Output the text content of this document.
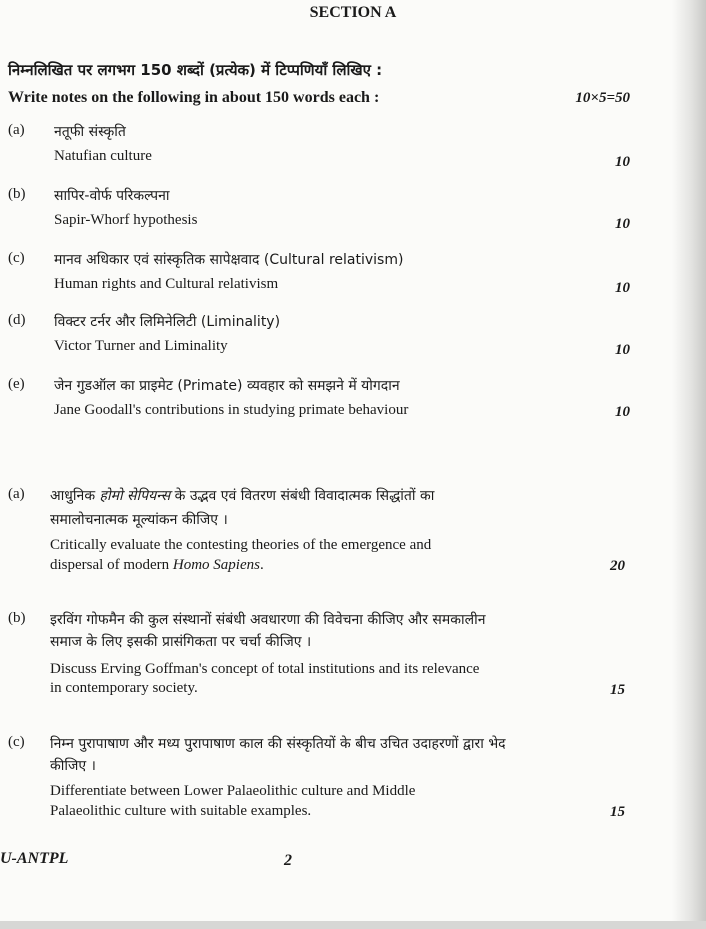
SECTION A
निम्नलिखित पर लगभग 150 शब्दों (प्रत्येक) में टिप्पणियाँ लिखिए :
Write notes on the following in about 150 words each :	10×5=50
(a) नतूफी संस्कृति
Natufian culture	10
(b) सापिर-वोर्फ परिकल्पना
Sapir-Whorf hypothesis	10
(c) मानव अधिकार एवं सांस्कृतिक सापेक्षवाद (Cultural relativism)
Human rights and Cultural relativism	10
(d) विक्टर टर्नर और लिमिनेलिटी (Liminality)
Victor Turner and Liminality	10
(e) जेन गुडऑल का प्राइमेट (Primate) व्यवहार को समझने में योगदान
Jane Goodall's contributions in studying primate behaviour	10
(a) आधुनिक होमो सेपियन्स के उद्भव एवं वितरण संबंधी विवादात्मक सिद्धांतों का
समालोचनात्मक मूल्यांकन कीजिए ।
Critically evaluate the contesting theories of the emergence and
dispersal of modern Homo Sapiens.	20
(b) इरविंग गोफमैन की कुल संस्थानों संबंधी अवधारणा की विवेचना कीजिए और समकालीन
समाज के लिए इसकी प्रासंगिकता पर चर्चा कीजिए ।
Discuss Erving Goffman's concept of total institutions and its relevance
in contemporary society.	15
(c) निम्न पुरापाषाण और मध्य पुरापाषाण काल की संस्कृतियों के बीच उचित उदाहरणों द्वारा भेद
कीजिए ।
Differentiate between Lower Palaeolithic culture and Middle
Palaeolithic culture with suitable examples.	15
U-ANTPL	2
